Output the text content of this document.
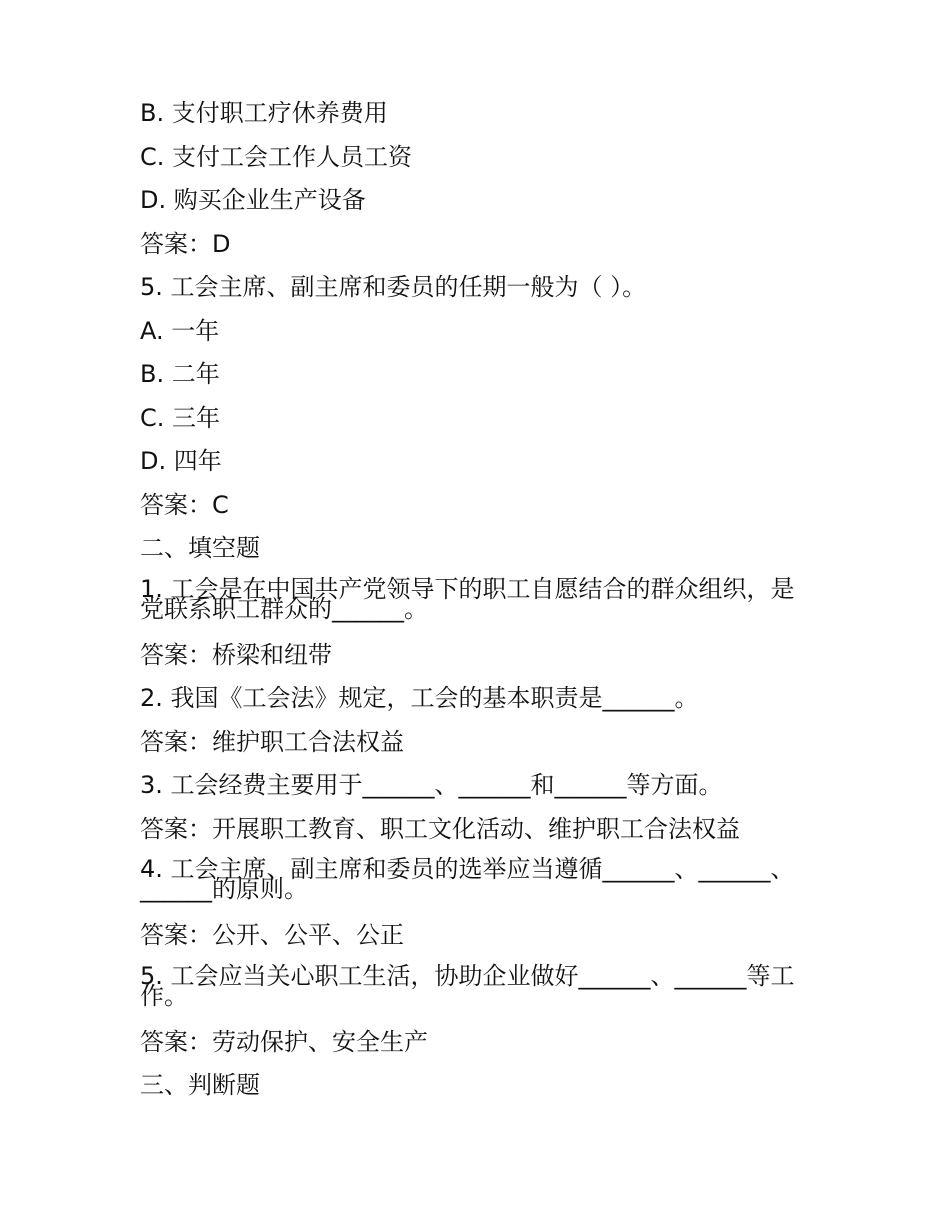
B. 支付职工疗休养费用
C. 支付工会工作人员工资
D. 购买企业生产设备
答案：D
5. 工会主席、副主席和委员的任期一般为（ ）。
A. 一年
B. 二年
C. 三年
D. 四年
答案：C
二、填空题
1. 工会是在中国共产党领导下的职工自愿结合的群众组织，是党联系职工群众的______。
答案：桥梁和纽带
2. 我国《工会法》规定，工会的基本职责是______。
答案：维护职工合法权益
3. 工会经费主要用于______、______和______等方面。
答案：开展职工教育、职工文化活动、维护职工合法权益
4. 工会主席、副主席和委员的选举应当遵循______、______、______的原则。
答案：公开、公平、公正
5. 工会应当关心职工生活，协助企业做好______、______等工作。
答案：劳动保护、安全生产
三、判断题
